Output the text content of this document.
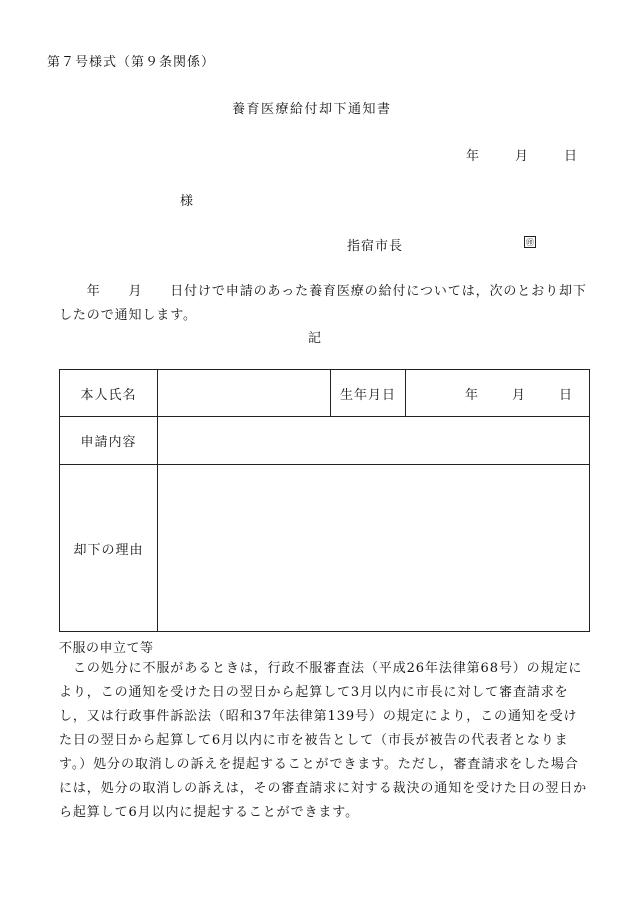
第７号様式（第９条関係）
養育医療給付却下通知書
年	月	日
様
指宿市長	㊞
　　年　　月　　日付けで申請のあった養育医療の給付については，次のとおり却下したので通知します。
記
本人氏名		生年月日	年 月 日
申請内容			
却下の理由			
不服の申立て等
この処分に不服があるときは，行政不服審査法（平成26年法律第68号）の規定により，この通知を受けた日の翌日から起算して3月以内に市長に対して審査請求をし，又は行政事件訴訟法（昭和37年法律第139号）の規定により，この通知を受けた日の翌日から起算して6月以内に市を被告として（市長が被告の代表者となります。）処分の取消しの訴えを提起することができます。ただし，審査請求をした場合には，処分の取消しの訴えは，その審査請求に対する裁決の通知を受けた日の翌日から起算して6月以内に提起することができます。
